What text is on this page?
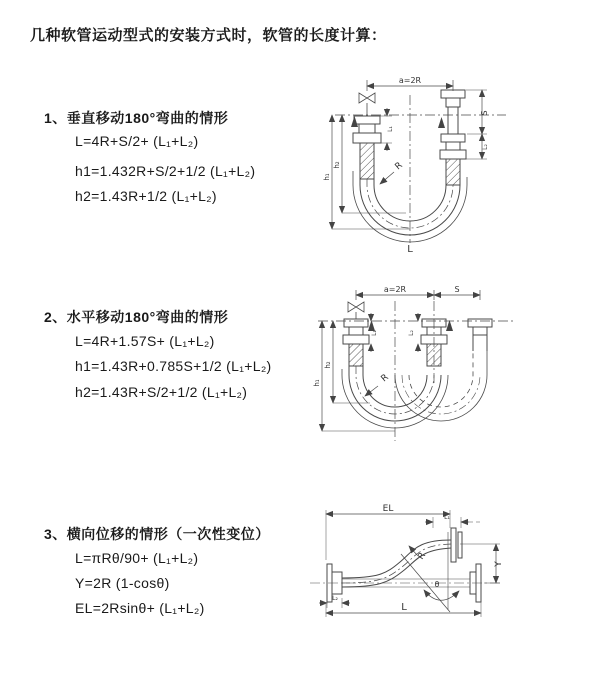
几种软管运动型式的安装方式时，软管的长度计算：
1、垂直移动180°弯曲的情形
L=4R+S/2+ (L₁+L₂)
h1=1.432R+S/2+1/2 (L₁+L₂)
h2=1.43R+1/2 (L₁+L₂)
a=2R
L₁
S
L₂
R
h₂
h₁
L
2、水平移动180°弯曲的情形
L=4R+1.57S+ (L₁+L₂)
h1=1.43R+0.785S+1/2 (L₁+L₂)
h2=1.43R+S/2+1/2 (L₁+L₂)
a=2R	S
L₁	L₂
R
h₂
h₁
3、横向位移的情形（一次性变位）
L=πRθ/90+ (L₁+L₂)
Y=2R (1-cosθ)
EL=2Rsinθ+ (L₁+L₂)
EL
L₁
Y
R
θ
L₂
L
